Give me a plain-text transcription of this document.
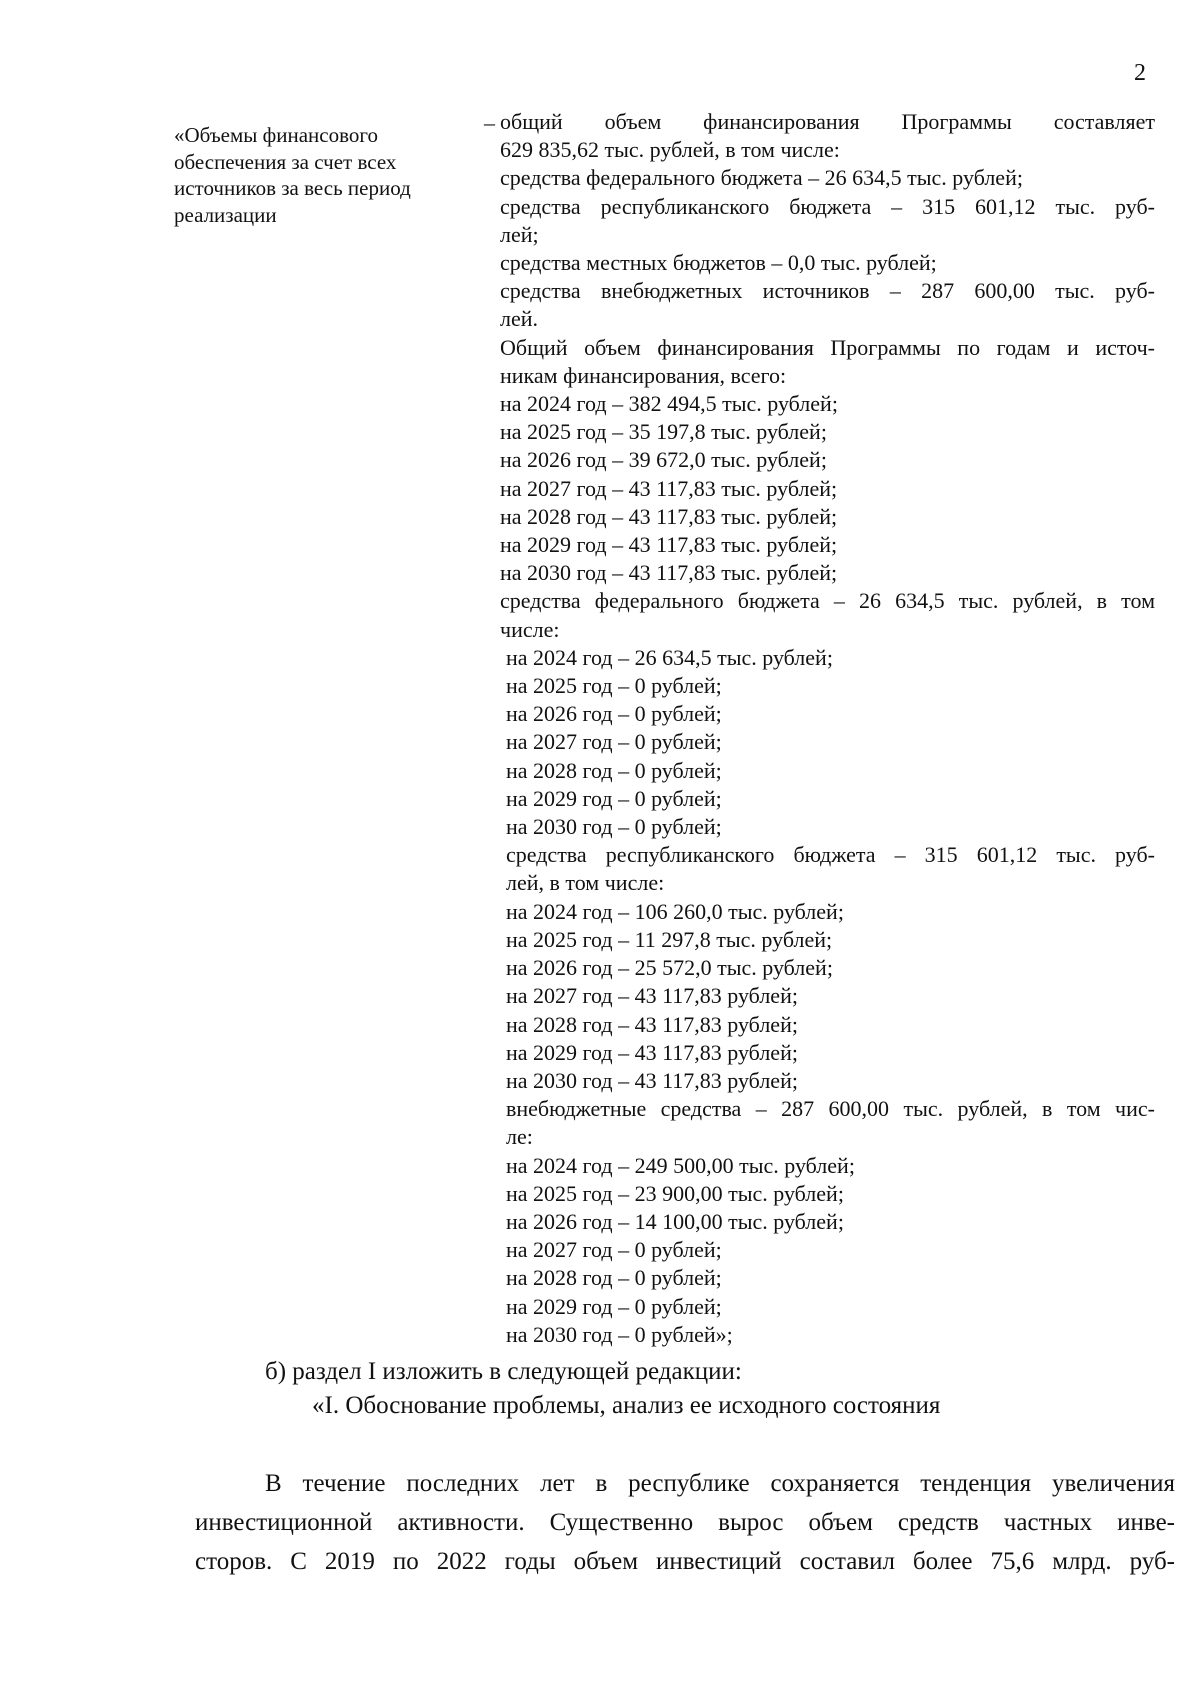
2
«Объемы финансового
обеспечения за счет всех
источников за весь период
реализации
– общий объем финансирования Программы составляет
629 835,62 тыс. рублей, в том числе:
средства федерального бюджета – 26 634,5 тыс. рублей;
средства республиканского бюджета – 315 601,12 тыс. руб-
лей;
средства местных бюджетов – 0,0 тыс. рублей;
средства внебюджетных источников – 287 600,00 тыс. руб-
лей.
Общий объем финансирования Программы по годам и источ-
никам финансирования, всего:
на 2024 год – 382 494,5 тыс. рублей;
на 2025 год – 35 197,8 тыс. рублей;
на 2026 год – 39 672,0 тыс. рублей;
на 2027 год – 43 117,83 тыс. рублей;
на 2028 год – 43 117,83 тыс. рублей;
на 2029 год – 43 117,83 тыс. рублей;
на 2030 год – 43 117,83 тыс. рублей;
средства федерального бюджета – 26 634,5 тыс. рублей, в том
числе:
на 2024 год – 26 634,5 тыс. рублей;
на 2025 год – 0 рублей;
на 2026 год – 0 рублей;
на 2027 год – 0 рублей;
на 2028 год – 0 рублей;
на 2029 год – 0 рублей;
на 2030 год – 0 рублей;
средства республиканского бюджета – 315 601,12 тыс. руб-
лей, в том числе:
на 2024 год – 106 260,0 тыс. рублей;
на 2025 год – 11 297,8 тыс. рублей;
на 2026 год – 25 572,0 тыс. рублей;
на 2027 год – 43 117,83 рублей;
на 2028 год – 43 117,83 рублей;
на 2029 год – 43 117,83 рублей;
на 2030 год – 43 117,83 рублей;
внебюджетные средства – 287 600,00 тыс. рублей, в том чис-
ле:
на 2024 год – 249 500,00 тыс. рублей;
на 2025 год – 23 900,00 тыс. рублей;
на 2026 год – 14 100,00 тыс. рублей;
на 2027 год – 0 рублей;
на 2028 год – 0 рублей;
на 2029 год – 0 рублей;
на 2030 год – 0 рублей»;
б) раздел I изложить в следующей редакции:
«I. Обоснование проблемы, анализ ее исходного состояния
В течение последних лет в республике сохраняется тенденция увеличения
инвестиционной активности. Существенно вырос объем средств частных инве-
сторов. С 2019 по 2022 годы объем инвестиций составил более 75,6 млрд. руб-
